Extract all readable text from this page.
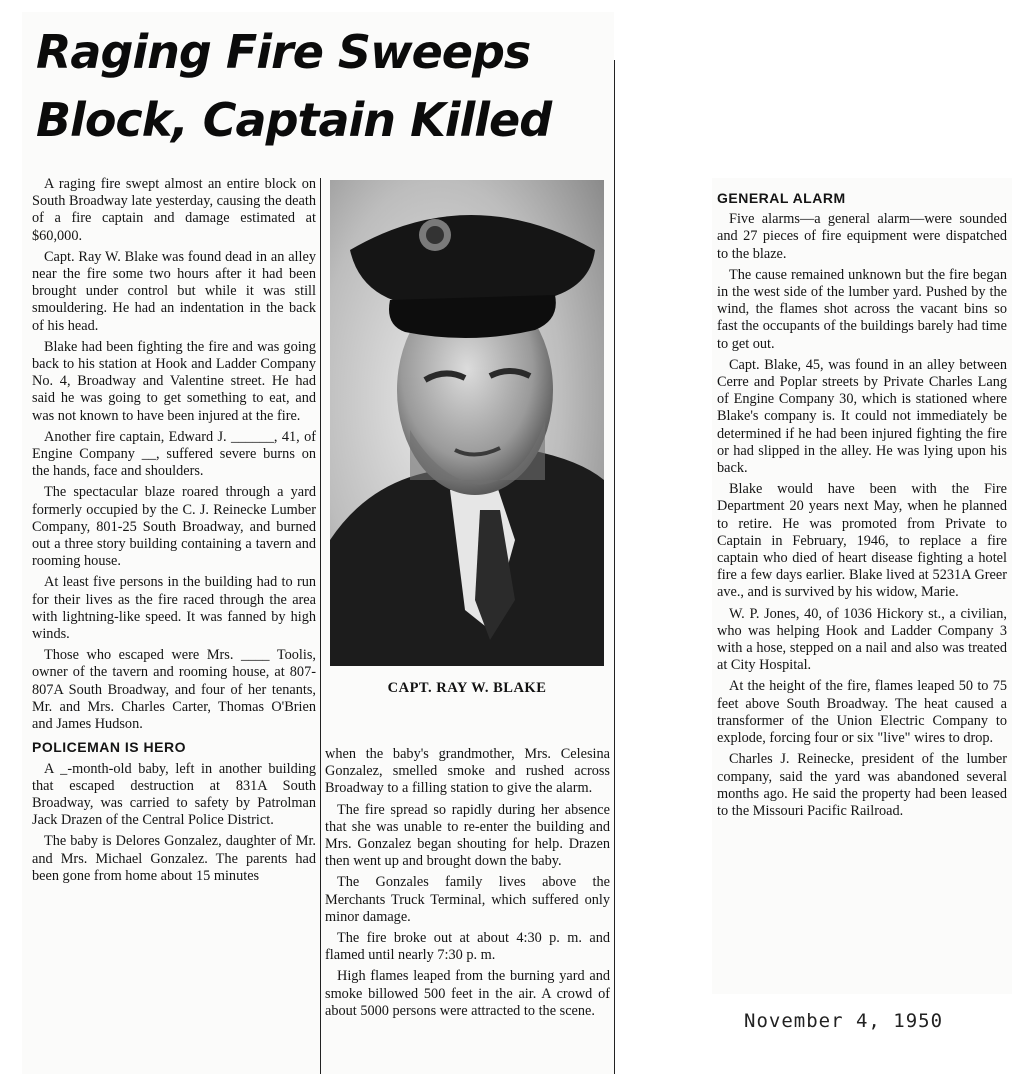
Raging Fire Sweeps Block, Captain Killed

A raging fire swept almost an entire block on South Broadway late yesterday, causing the death of a fire captain and damage estimated at $60,000.

Capt. Ray W. Blake was found dead in an alley near the fire some two hours after it had been brought under control but while it was still smouldering. He had an indentation in the back of his head.

Blake had been fighting the fire and was going back to his station at Hook and Ladder Company No. 4, Broadway and Valentine street. He had said he was going to get something to eat, and was not known to have been injured at the fire.

Another fire captain, Edward J. ______, 41, of Engine Company __, suffered severe burns on the hands, face and shoulders.

The spectacular blaze roared through a yard formerly occupied by the C. J. Reinecke Lumber Company, 801-25 South Broadway, and burned out a three story building containing a tavern and rooming house.

At least five persons in the building had to run for their lives as the fire raced through the area with lightning-like speed. It was fanned by high winds.

Those who escaped were Mrs. ____ Toolis, owner of the tavern and rooming house, at 807-807A South Broadway, and four of her tenants, Mr. and Mrs. Charles Carter, Thomas O'Brien and James Hudson.

POLICEMAN IS HERO

A _-month-old baby, left in another building that escaped destruction at 831A South Broadway, was carried to safety by Patrolman Jack Drazen of the Central Police District.

The baby is Delores Gonzalez, daughter of Mr. and Mrs. Michael Gonzalez. The parents had been gone from home about 15 minutes

CAPT. RAY W. BLAKE

when the baby's grandmother, Mrs. Celesina Gonzalez, smelled smoke and rushed across Broadway to a filling station to give the alarm.

The fire spread so rapidly during her absence that she was unable to re-enter the building and Mrs. Gonzalez began shouting for help. Drazen then went up and brought down the baby.

The Gonzales family lives above the Merchants Truck Terminal, which suffered only minor damage.

The fire broke out at about 4:30 p. m. and flamed until nearly 7:30 p. m.

High flames leaped from the burning yard and smoke billowed 500 feet in the air. A crowd of about 5000 persons were attracted to the scene.

GENERAL ALARM

Five alarms—a general alarm—were sounded and 27 pieces of fire equipment were dispatched to the blaze.

The cause remained unknown but the fire began in the west side of the lumber yard. Pushed by the wind, the flames shot across the vacant bins so fast the occupants of the buildings barely had time to get out.

Capt. Blake, 45, was found in an alley between Cerre and Poplar streets by Private Charles Lang of Engine Company 30, which is stationed where Blake's company is. It could not immediately be determined if he had been injured fighting the fire or had slipped in the alley. He was lying upon his back.

Blake would have been with the Fire Department 20 years next May, when he planned to retire. He was promoted from Private to Captain in February, 1946, to replace a fire captain who died of heart disease fighting a hotel fire a few days earlier. Blake lived at 5231A Greer ave., and is survived by his widow, Marie.

W. P. Jones, 40, of 1036 Hickory st., a civilian, who was helping Hook and Ladder Company 3 with a hose, stepped on a nail and also was treated at City Hospital.

At the height of the fire, flames leaped 50 to 75 feet above South Broadway. The heat caused a transformer of the Union Electric Company to explode, forcing four or six "live" wires to drop.

Charles J. Reinecke, president of the lumber company, said the yard was abandoned several months ago. He said the property had been leased to the Missouri Pacific Railroad.

November 4, 1950
